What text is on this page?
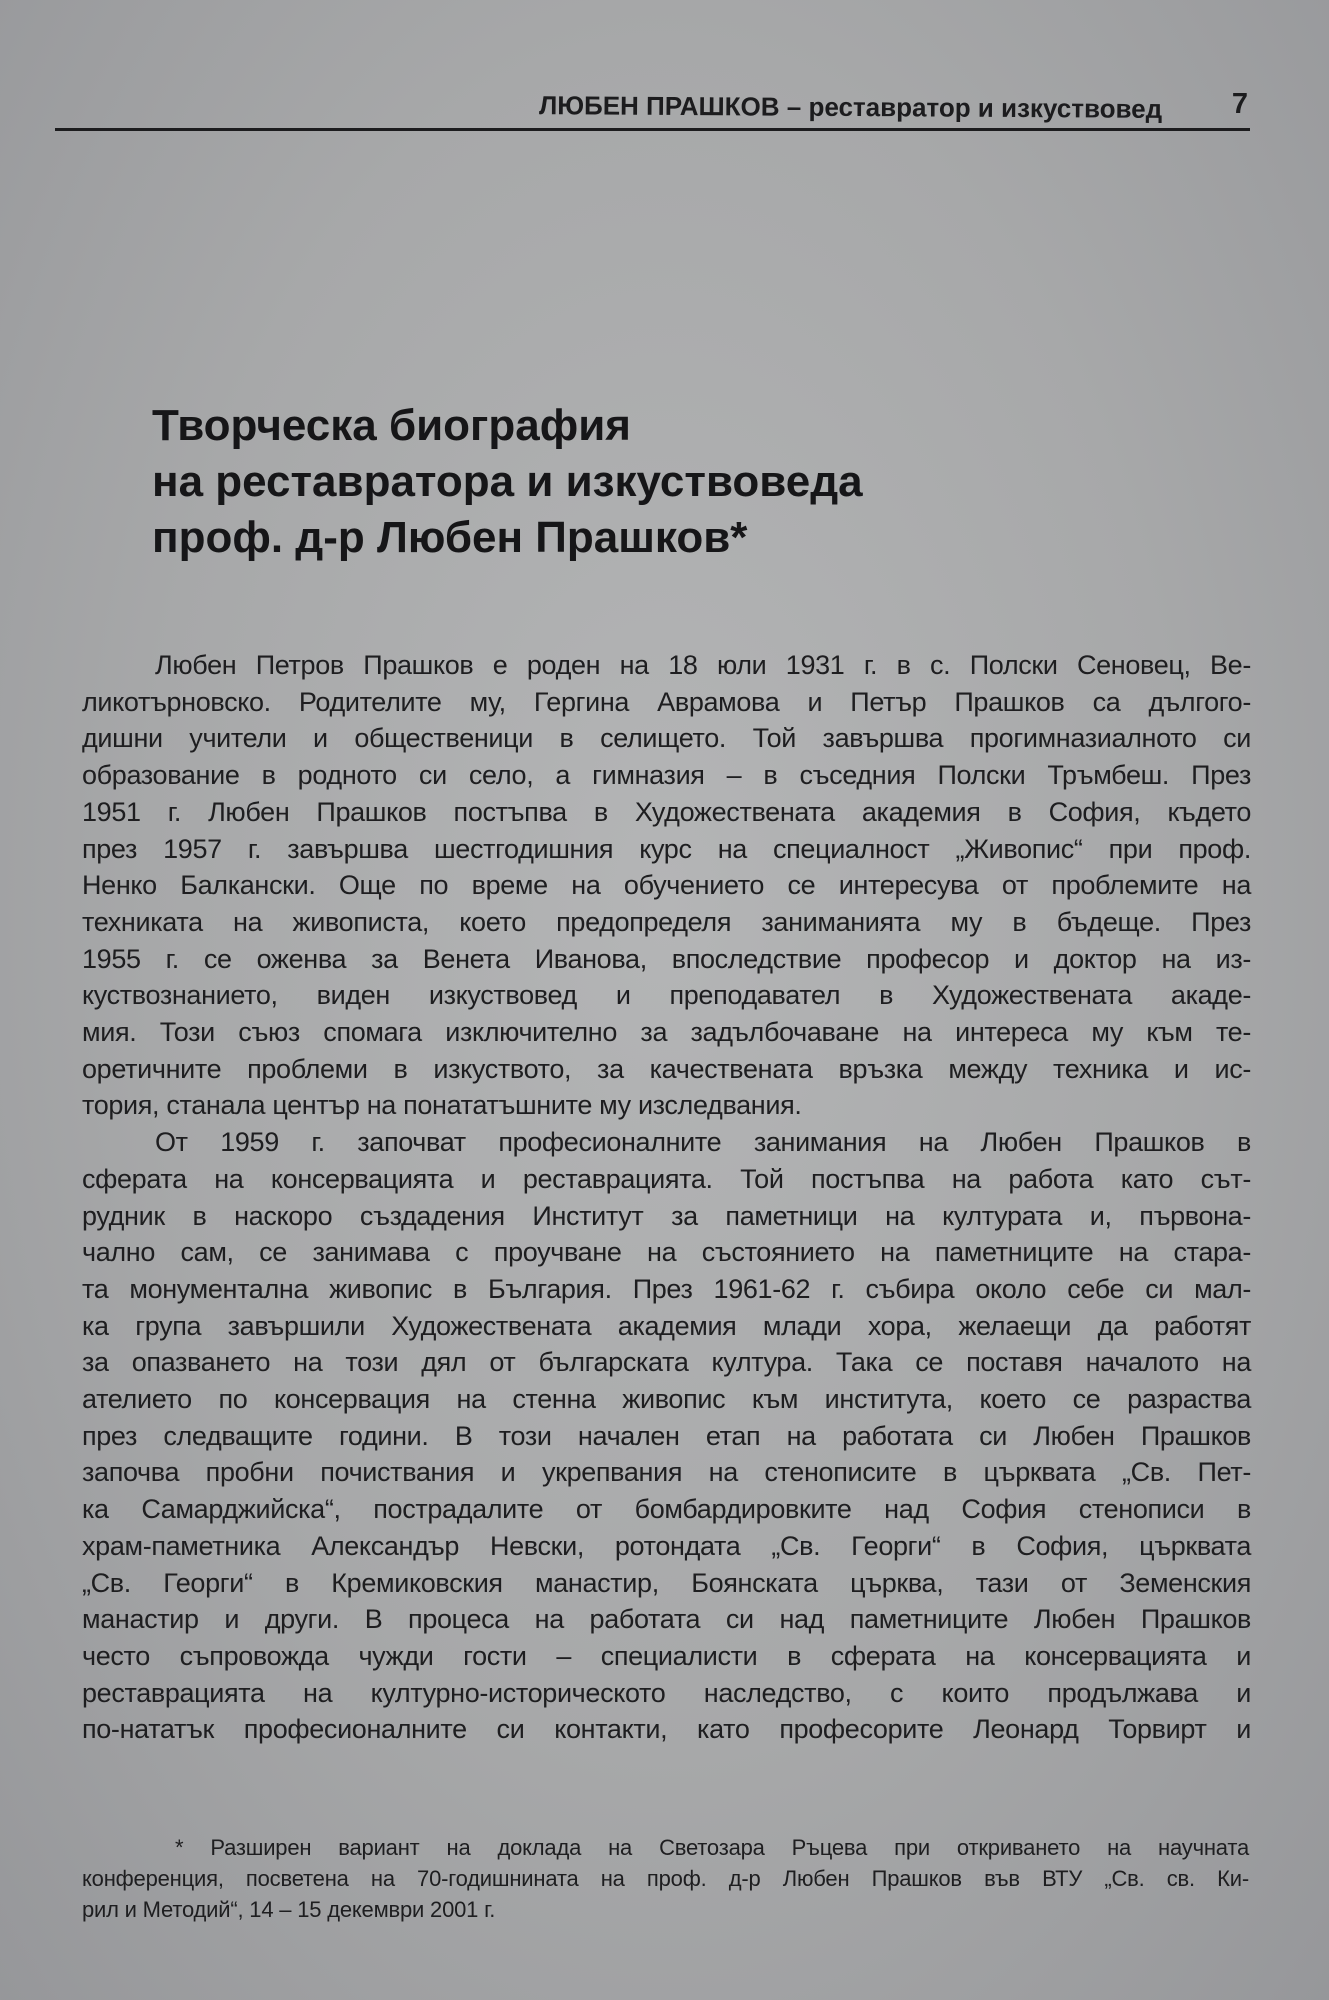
ЛЮБЕН ПРАШКОВ – реставратор и изкуствовед 7
Творческа биография
на реставратора и изкуствоведа
проф. д-р Любен Прашков*

Любен Петров Прашков е роден на 18 юли 1931 г. в с. Полски Сеновец, Ве-
ликотърновско. Родителите му, Гергина Аврамова и Петър Прашков са дългого-
дишни учители и общественици в селището. Той завършва прогимназиалното си
образование в родното си село, а гимназия – в съседния Полски Тръмбеш. През
1951 г. Любен Прашков постъпва в Художествената академия в София, където
през 1957 г. завършва шестгодишния курс на специалност „Живопис“ при проф.
Ненко Балкански. Още по време на обучението се интересува от проблемите на
техниката на живописта, което предопределя заниманията му в бъдеще. През
1955 г. се оженва за Венета Иванова, впоследствие професор и доктор на из-
куствознанието, виден изкуствовед и преподавател в Художествената акаде-
мия. Този съюз спомага изключително за задълбочаване на интереса му към те-
оретичните проблеми в изкуството, за качествената връзка между техника и ис-
тория, станала център на понататъшните му изследвания.

От 1959 г. започват професионалните занимания на Любен Прашков в
сферата на консервацията и реставрацията. Той постъпва на работа като сът-
рудник в наскоро създадения Институт за паметници на културата и, първона-
чално сам, се занимава с проучване на състоянието на паметниците на стара-
та монументална живопис в България. През 1961-62 г. събира около себе си мал-
ка група завършили Художествената академия млади хора, желаещи да работят
за опазването на този дял от българската култура. Така се поставя началото на
ателието по консервация на стенна живопис към института, което се разраства
през следващите години. В този начален етап на работата си Любен Прашков
започва пробни почиствания и укрепвания на стенописите в църквата „Св. Пет-
ка Самарджийска“, пострадалите от бомбардировките над София стенописи в
храм-паметника Александър Невски, ротондата „Св. Георги“ в София, църквата
„Св. Георги“ в Кремиковския манастир, Боянската църква, тази от Земенския
манастир и други. В процеса на работата си над паметниците Любен Прашков
често съпровожда чужди гости – специалисти в сферата на консервацията и
реставрацията на културно-историческото наследство, с които продължава и
по-нататък професионалните си контакти, като професорите Леонард Торвирт и

* Разширен вариант на доклада на Светозара Ръцева при откриването на научната
конференция, посветена на 70-годишнината на проф. д-р Любен Прашков във ВТУ „Св. св. Ки-
рил и Методий“, 14 – 15 декември 2001 г.
